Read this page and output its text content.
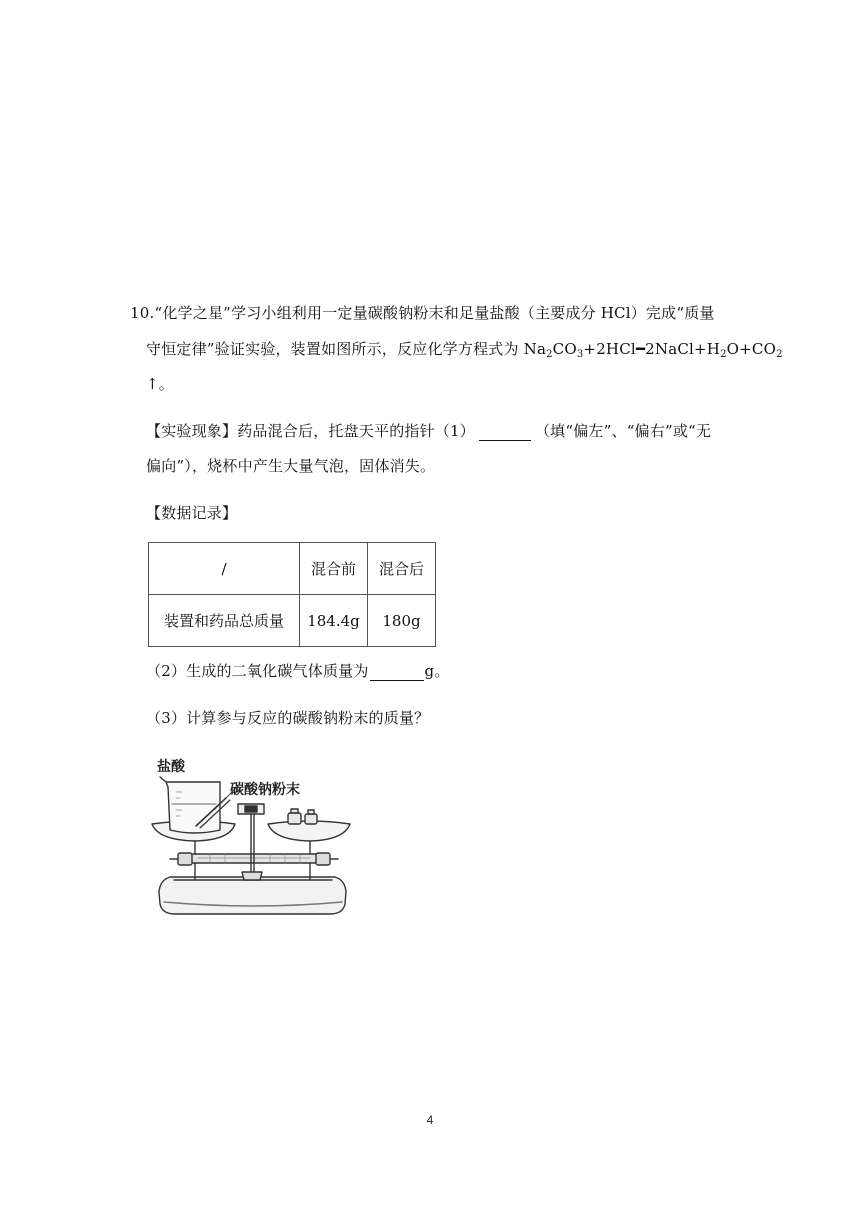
10.“化学之星”学习小组利用一定量碳酸钠粉末和足量盐酸（主要成分 HCl）完成“质量
守恒定律”验证实验，装置如图所示，反应化学方程式为 $Na_2CO_3+2HCl━2NaCl+H_2O+CO_2$
↑。
【实验现象】药品混合后，托盘天平的指针（1）	（填“偏左”、“偏右”或“无
偏向”），烧杯中产生大量气泡，固体消失。
【数据记录】
/	混合前	混合后
装置和药品总质量	184.4g	180g
（2）生成的二氧化碳气体质量为	g。
（3）计算参与反应的碳酸钠粉末的质量？
盐酸
碳酸钠粉末
4
